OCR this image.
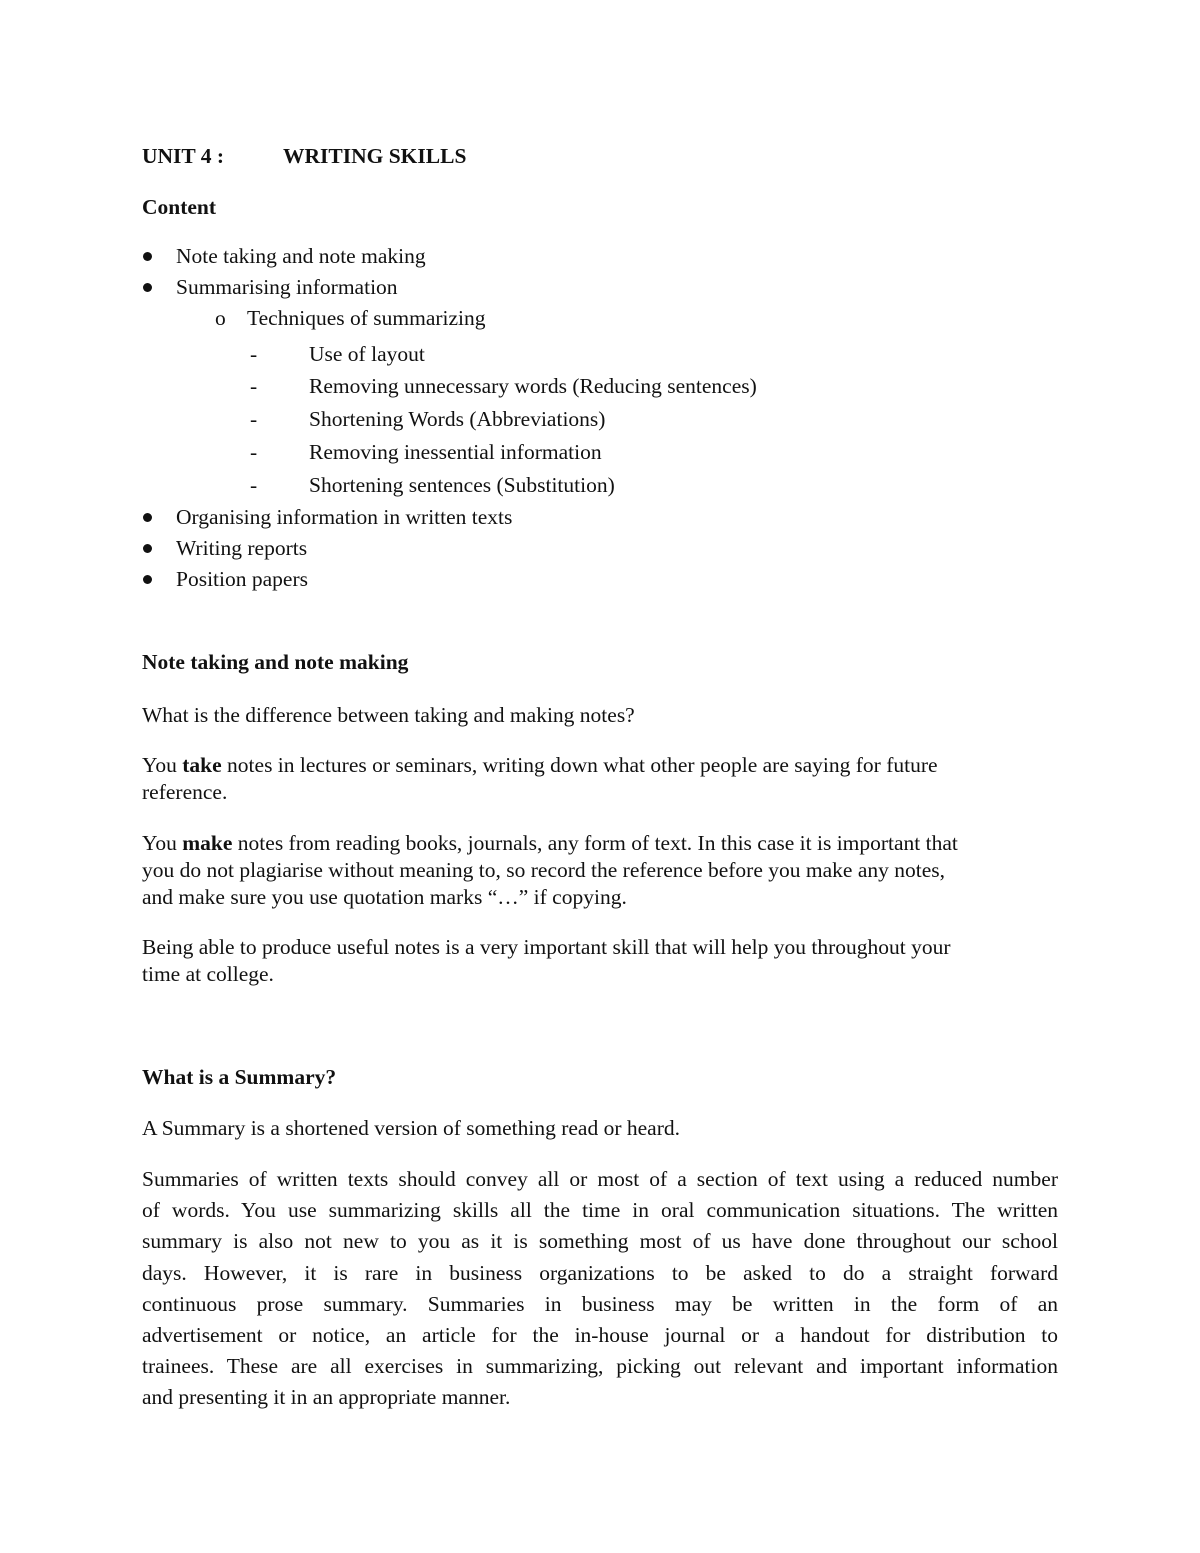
UNIT 4 :	WRITING SKILLS
Content
Note taking and note making
Summarising information
o Techniques of summarizing
- Use of layout
- Removing unnecessary words (Reducing sentences)
- Shortening Words (Abbreviations)
- Removing inessential information
- Shortening sentences (Substitution)
Organising information in written texts
Writing reports
Position papers
Note taking and note making
What is the difference between taking and making notes?
You take notes in lectures or seminars, writing down what other people are saying for future
reference.
You make notes from reading books, journals, any form of text. In this case it is important that
you do not plagiarise without meaning to, so record the reference before you make any notes,
and make sure you use quotation marks “…” if copying.
Being able to produce useful notes is a very important skill that will help you throughout your
time at college.
What is a Summary?
A Summary is a shortened version of something read or heard.
Summaries of written texts should convey all or most of a section of text using a reduced number
of words. You use summarizing skills all the time in oral communication situations. The written
summary is also not new to you as it is something most of us have done throughout our school
days. However, it is rare in business organizations to be asked to do a straight forward
continuous prose summary. Summaries in business may be written in the form of an
advertisement or notice, an article for the in-house journal or a handout for distribution to
trainees. These are all exercises in summarizing, picking out relevant and important information
and presenting it in an appropriate manner.
